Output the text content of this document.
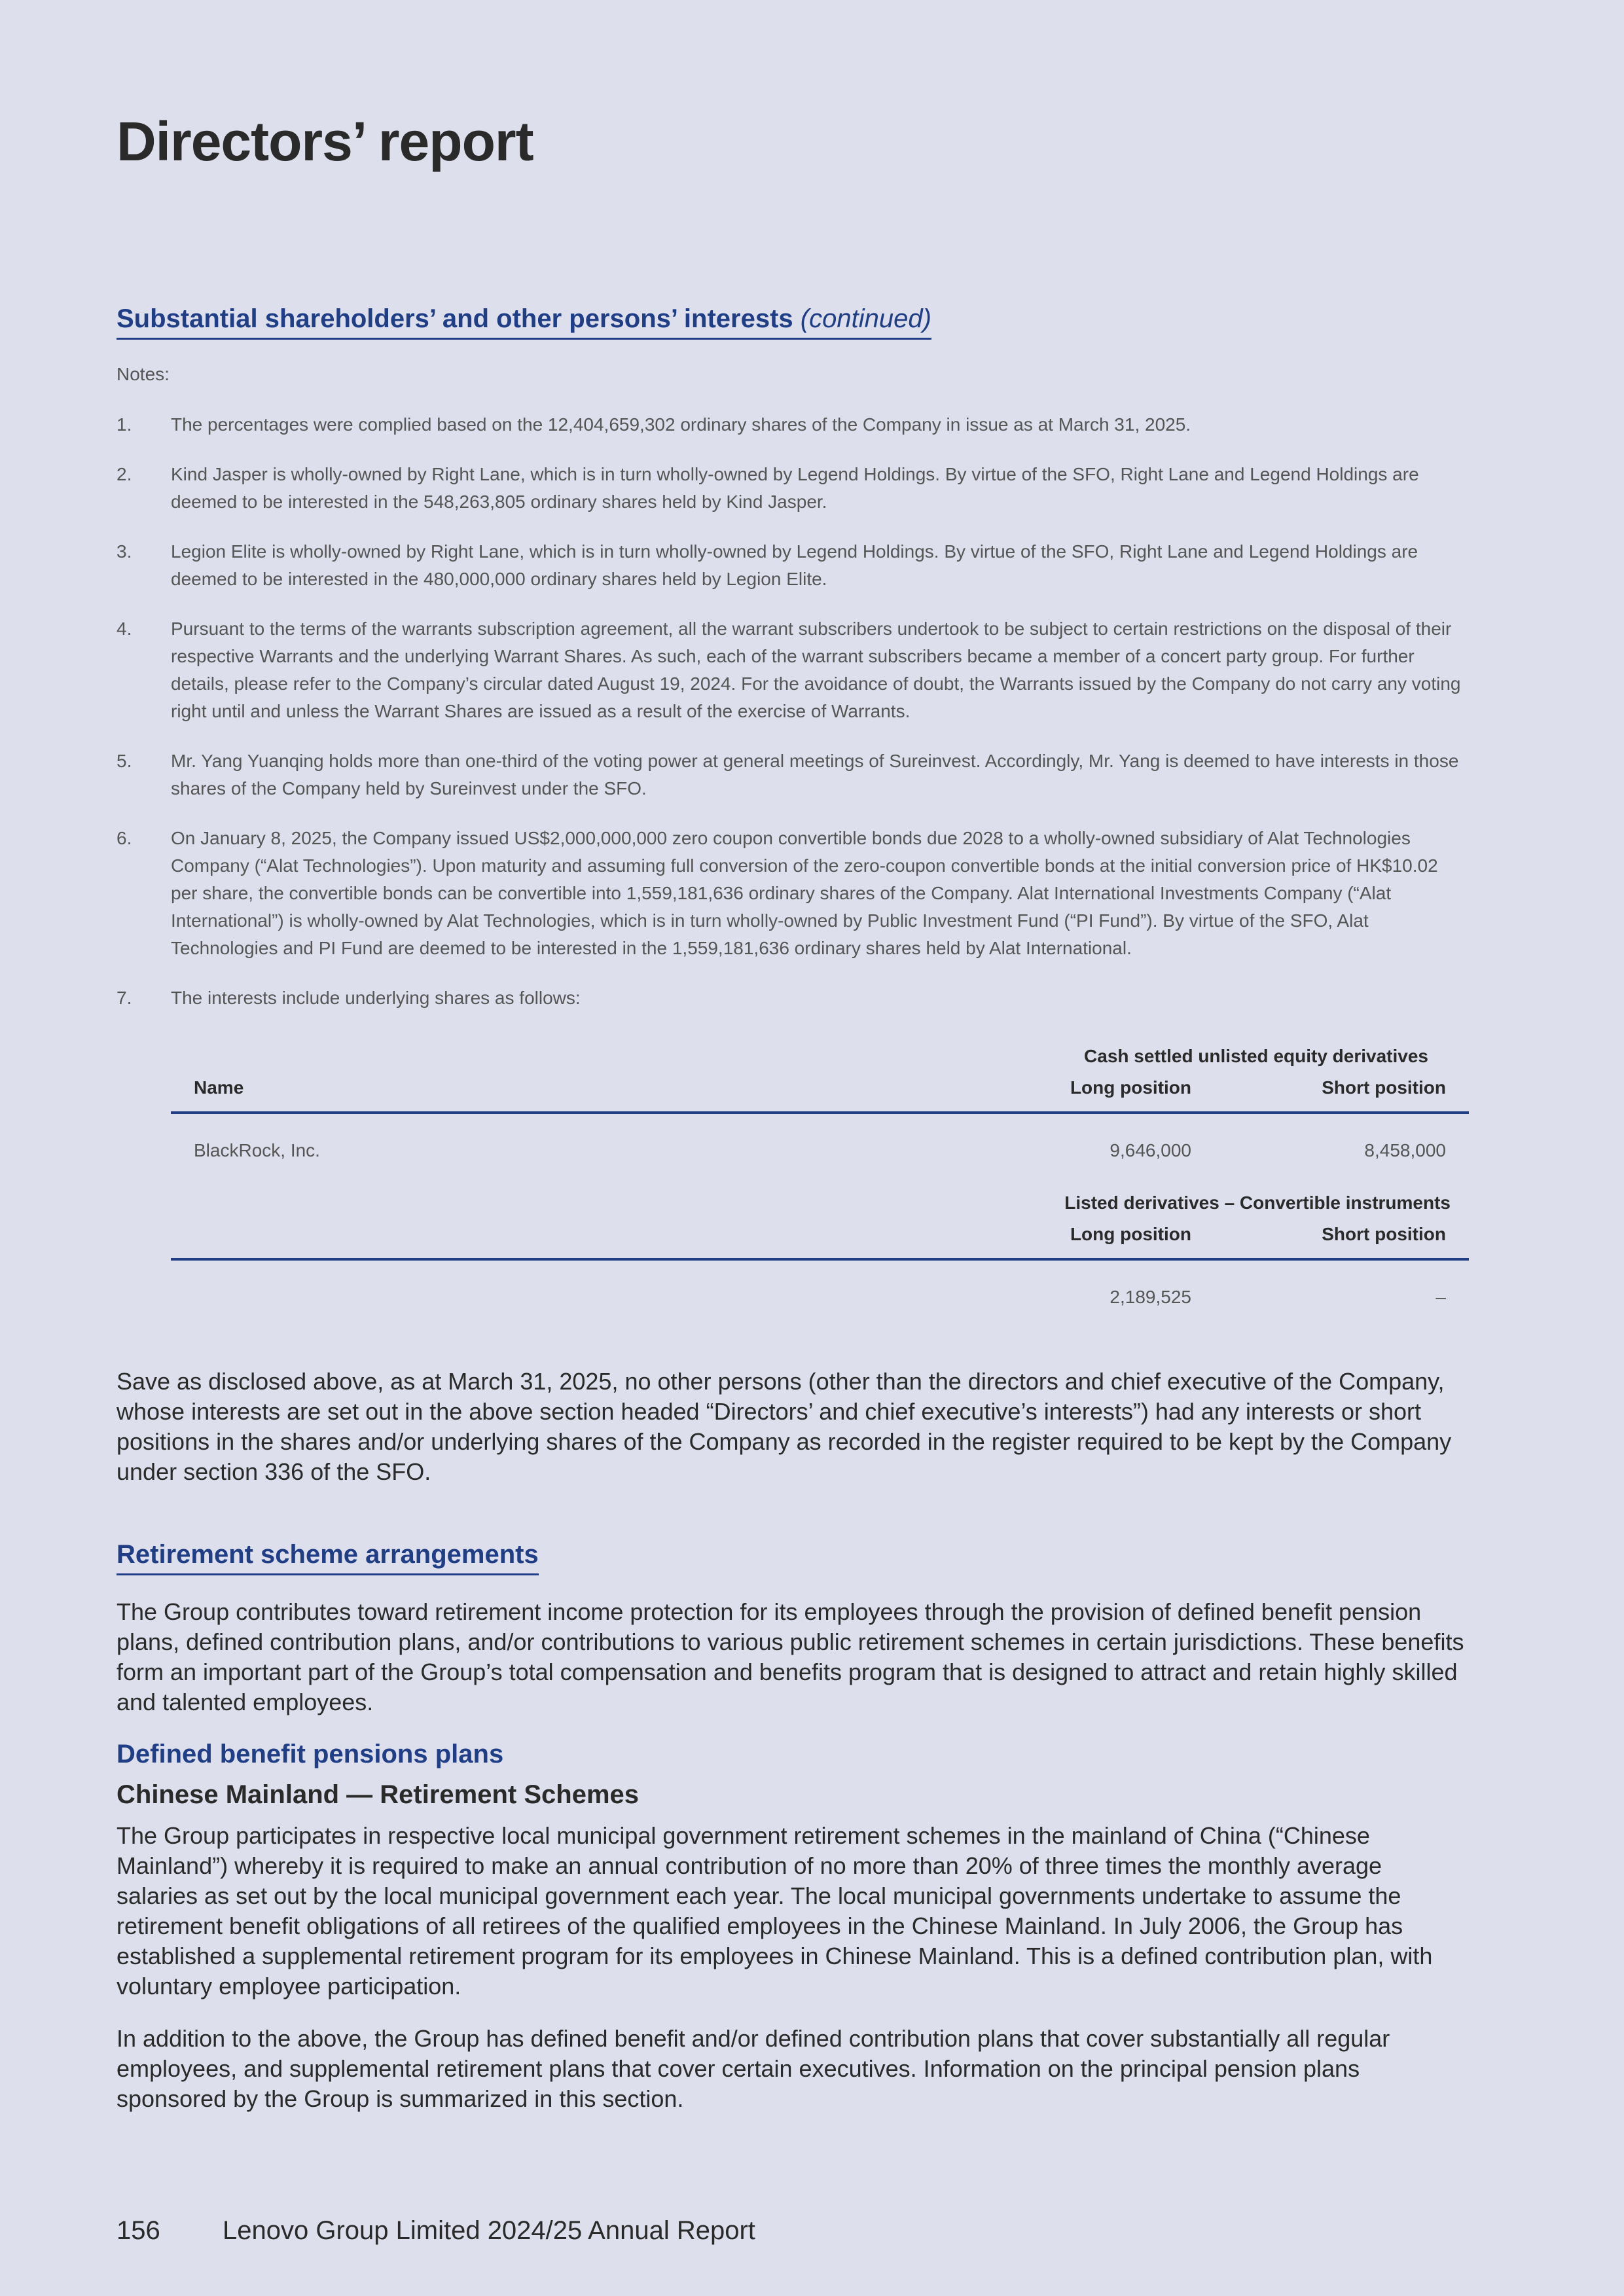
Directors’ report
Substantial shareholders’ and other persons’ interests (continued)
Notes:
1.	The percentages were complied based on the 12,404,659,302 ordinary shares of the Company in issue as at March 31, 2025.
2.	Kind Jasper is wholly-owned by Right Lane, which is in turn wholly-owned by Legend Holdings. By virtue of the SFO, Right Lane and Legend Holdings are deemed to be interested in the 548,263,805 ordinary shares held by Kind Jasper.
3.	Legion Elite is wholly-owned by Right Lane, which is in turn wholly-owned by Legend Holdings. By virtue of the SFO, Right Lane and Legend Holdings are deemed to be interested in the 480,000,000 ordinary shares held by Legion Elite.
4.	Pursuant to the terms of the warrants subscription agreement, all the warrant subscribers undertook to be subject to certain restrictions on the disposal of their respective Warrants and the underlying Warrant Shares. As such, each of the warrant subscribers became a member of a concert party group. For further details, please refer to the Company’s circular dated August 19, 2024. For the avoidance of doubt, the Warrants issued by the Company do not carry any voting right until and unless the Warrant Shares are issued as a result of the exercise of Warrants.
5.	Mr. Yang Yuanqing holds more than one-third of the voting power at general meetings of Sureinvest. Accordingly, Mr. Yang is deemed to have interests in those shares of the Company held by Sureinvest under the SFO.
6.	On January 8, 2025, the Company issued US$2,000,000,000 zero coupon convertible bonds due 2028 to a wholly-owned subsidiary of Alat Technologies Company (“Alat Technologies”). Upon maturity and assuming full conversion of the zero-coupon convertible bonds at the initial conversion price of HK$10.02 per share, the convertible bonds can be convertible into 1,559,181,636 ordinary shares of the Company. Alat International Investments Company (“Alat International”) is wholly-owned by Alat Technologies, which is in turn wholly-owned by Public Investment Fund (“PI Fund”). By virtue of the SFO, Alat Technologies and PI Fund are deemed to be interested in the 1,559,181,636 ordinary shares held by Alat International.
7.	The interests include underlying shares as follows:
Cash settled unlisted equity derivatives
Name	Long position	Short position
BlackRock, Inc.	9,646,000	8,458,000
Listed derivatives – Convertible instruments
Long position	Short position
2,189,525	–

Save as disclosed above, as at March 31, 2025, no other persons (other than the directors and chief executive of the Company, whose interests are set out in the above section headed “Directors’ and chief executive’s interests”) had any interests or short positions in the shares and/or underlying shares of the Company as recorded in the register required to be kept by the Company under section 336 of the SFO.

Retirement scheme arrangements

The Group contributes toward retirement income protection for its employees through the provision of defined benefit pension plans, defined contribution plans, and/or contributions to various public retirement schemes in certain jurisdictions. These benefits form an important part of the Group’s total compensation and benefits program that is designed to attract and retain highly skilled and talented employees.

Defined benefit pensions plans
Chinese Mainland — Retirement Schemes

The Group participates in respective local municipal government retirement schemes in the mainland of China (“Chinese Mainland”) whereby it is required to make an annual contribution of no more than 20% of three times the monthly average salaries as set out by the local municipal government each year. The local municipal governments undertake to assume the retirement benefit obligations of all retirees of the qualified employees in the Chinese Mainland. In July 2006, the Group has established a supplemental retirement program for its employees in Chinese Mainland. This is a defined contribution plan, with voluntary employee participation.

In addition to the above, the Group has defined benefit and/or defined contribution plans that cover substantially all regular employees, and supplemental retirement plans that cover certain executives. Information on the principal pension plans sponsored by the Group is summarized in this section.

156 Lenovo Group Limited 2024/25 Annual Report
